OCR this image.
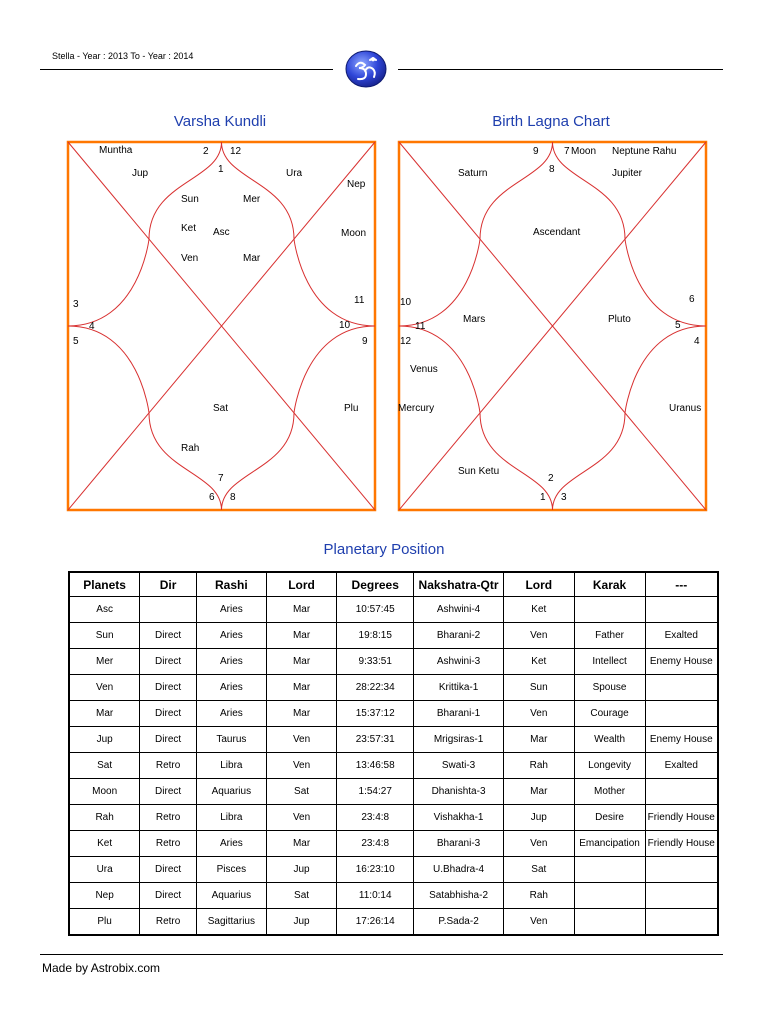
Stella - Year : 2013 To - Year : 2014
Varsha Kundli	Birth Lagna Chart
2 12
1
3
4
5
11
10
9
7
6 8
Muntha
Jup	Ura
Sun	Mer
Ket Asc
Ven	Mar
Nep
Moon
Sat	Plu
Rah
9	7 Moon Neptune Rahu
8
Saturn	Jupiter
Ascendant
10
11
12
6
5
4
Mars	Pluto
Venus
Mercury	Uranus
Sun Ketu
2
1 3
Planetary Position
Planets	Dir	Rashi	Lord	Degrees	Nakshatra-Qtr	Lord	Karak	---
Asc		Aries	Mar	10:57:45	Ashwini-4	Ket		
Sun	Direct	Aries	Mar	19:8:15	Bharani-2	Ven	Father	Exalted
Mer	Direct	Aries	Mar	9:33:51	Ashwini-3	Ket	Intellect	Enemy House
Ven	Direct	Aries	Mar	28:22:34	Krittika-1	Sun	Spouse	
Mar	Direct	Aries	Mar	15:37:12	Bharani-1	Ven	Courage	
Jup	Direct	Taurus	Ven	23:57:31	Mrigsiras-1	Mar	Wealth	Enemy House
Sat	Retro	Libra	Ven	13:46:58	Swati-3	Rah	Longevity	Exalted
Moon	Direct	Aquarius	Sat	1:54:27	Dhanishta-3	Mar	Mother	
Rah	Retro	Libra	Ven	23:4:8	Vishakha-1	Jup	Desire	Friendly House
Ket	Retro	Aries	Mar	23:4:8	Bharani-3	Ven	Emancipation	Friendly House
Ura	Direct	Pisces	Jup	16:23:10	U.Bhadra-4	Sat		
Nep	Direct	Aquarius	Sat	11:0:14	Satabhisha-2	Rah		
Plu	Retro	Sagittarius	Jup	17:26:14	P.Sada-2	Ven		
Made by Astrobix.com
